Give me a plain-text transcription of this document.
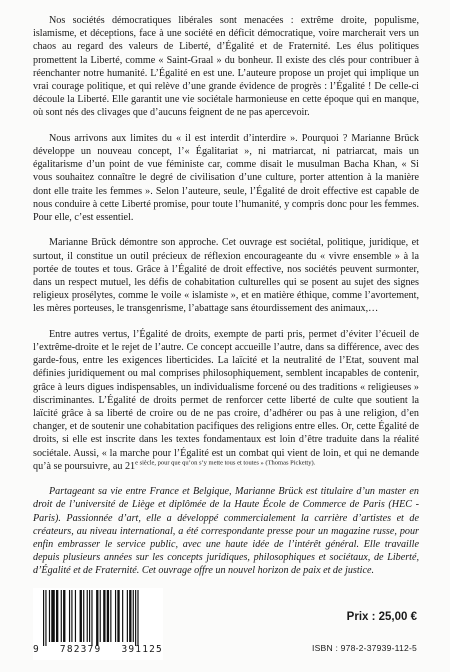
Nos sociétés démocratiques libérales sont menacées : extrême droite, populisme, islamisme, et déceptions, face à une société en déficit démocratique, voire marcherait vers un chaos au regard des valeurs de Liberté, d’Égalité et de Fraternité. Les élus politiques promettent la Liberté, comme « Saint-Graal » du bonheur. Il existe des clés pour contribuer à réenchanter notre humanité. L’Égalité en est une. L’auteure propose un projet qui implique un vrai courage politique, et qui relève d’une grande évidence de progrès : l’Égalité ! De celle-ci découle la Liberté. Elle garantit une vie sociétale harmonieuse en cette époque qui en manque, où sont nés des clivages que d’aucuns feignent de ne pas apercevoir.

Nous arrivons aux limites du « il est interdit d’interdire ». Pourquoi ? Marianne Brück développe un nouveau concept, l’« Égalitariat », ni matriarcat, ni patriarcat, mais un égalitarisme d’un point de vue féministe car, comme disait le musulman Bacha Khan, « Si vous souhaitez connaître le degré de civilisation d’une culture, porter attention à la manière dont elle traite les femmes ». Selon l’auteure, seule, l’Égalité de droit effective est capable de nous conduire à cette Liberté promise, pour toute l’humanité, y compris donc pour les femmes. Pour elle, c’est essentiel.

Marianne Brück démontre son approche. Cet ouvrage est sociétal, politique, juridique, et surtout, il constitue un outil précieux de réflexion encourageante du « vivre ensemble » à la portée de toutes et tous. Grâce à l’Égalité de droit effective, nos sociétés peuvent surmonter, dans un respect mutuel, les défis de cohabitation culturelles qui se posent au sujet des signes religieux prosélytes, comme le voile « islamiste », et en matière éthique, comme l’avortement, les mères porteuses, le transgenrisme, l’abattage sans étourdissement des animaux,…

Entre autres vertus, l’Égalité de droits, exempte de parti pris, permet d’éviter l’écueil de l’extrême-droite et le rejet de l’autre. Ce concept accueille l’autre, dans sa différence, avec des garde-fous, entre les exigences liberticides. La laïcité et la neutralité de l’Etat, souvent mal définies juridiquement ou mal comprises philosophiquement, semblent incapables de contenir, grâce à leurs digues indispensables, un individualisme forcené ou des traditions « religieuses » discriminantes. L’Égalité de droits permet de renforcer cette liberté de culte que soutient la laïcité grâce à sa liberté de croire ou de ne pas croire, d’adhérer ou pas à une religion, d’en changer, et de soutenir une cohabitation pacifiques des religions entre elles. Or, cette Égalité de droits, si elle est inscrite dans les textes fondamentaux est loin d’être traduite dans la réalité sociétale. Aussi, « la marche pour l’Égalité est un combat qui vient de loin, et qui ne demande qu’à se poursuivre, au $21^{e siècle, pour que qu’on s’y mette tous et toutes » (Thomas Picketty).}$

Partageant sa vie entre France et Belgique, Marianne Brück est titulaire d’un master en droit de l’université de Liège et diplômée de la Haute École de Commerce de Paris (HEC - Paris). Passionnée d’art, elle a développé commercialement la carrière d’artistes et de créateurs, au niveau international, a été correspondante presse pour un magazine russe, pour enfin embrasser le service public, avec une haute idée de l’intérêt général. Elle travaille depuis plusieurs années sur les concepts juridiques, philosophiques et sociétaux, de Liberté, d’Égalité et de Fraternité. Cet ouvrage offre un nouvel horizon de paix et de justice.

9 782379 391125
Prix : 25,00 €
ISBN : 978-2-37939-112-5
